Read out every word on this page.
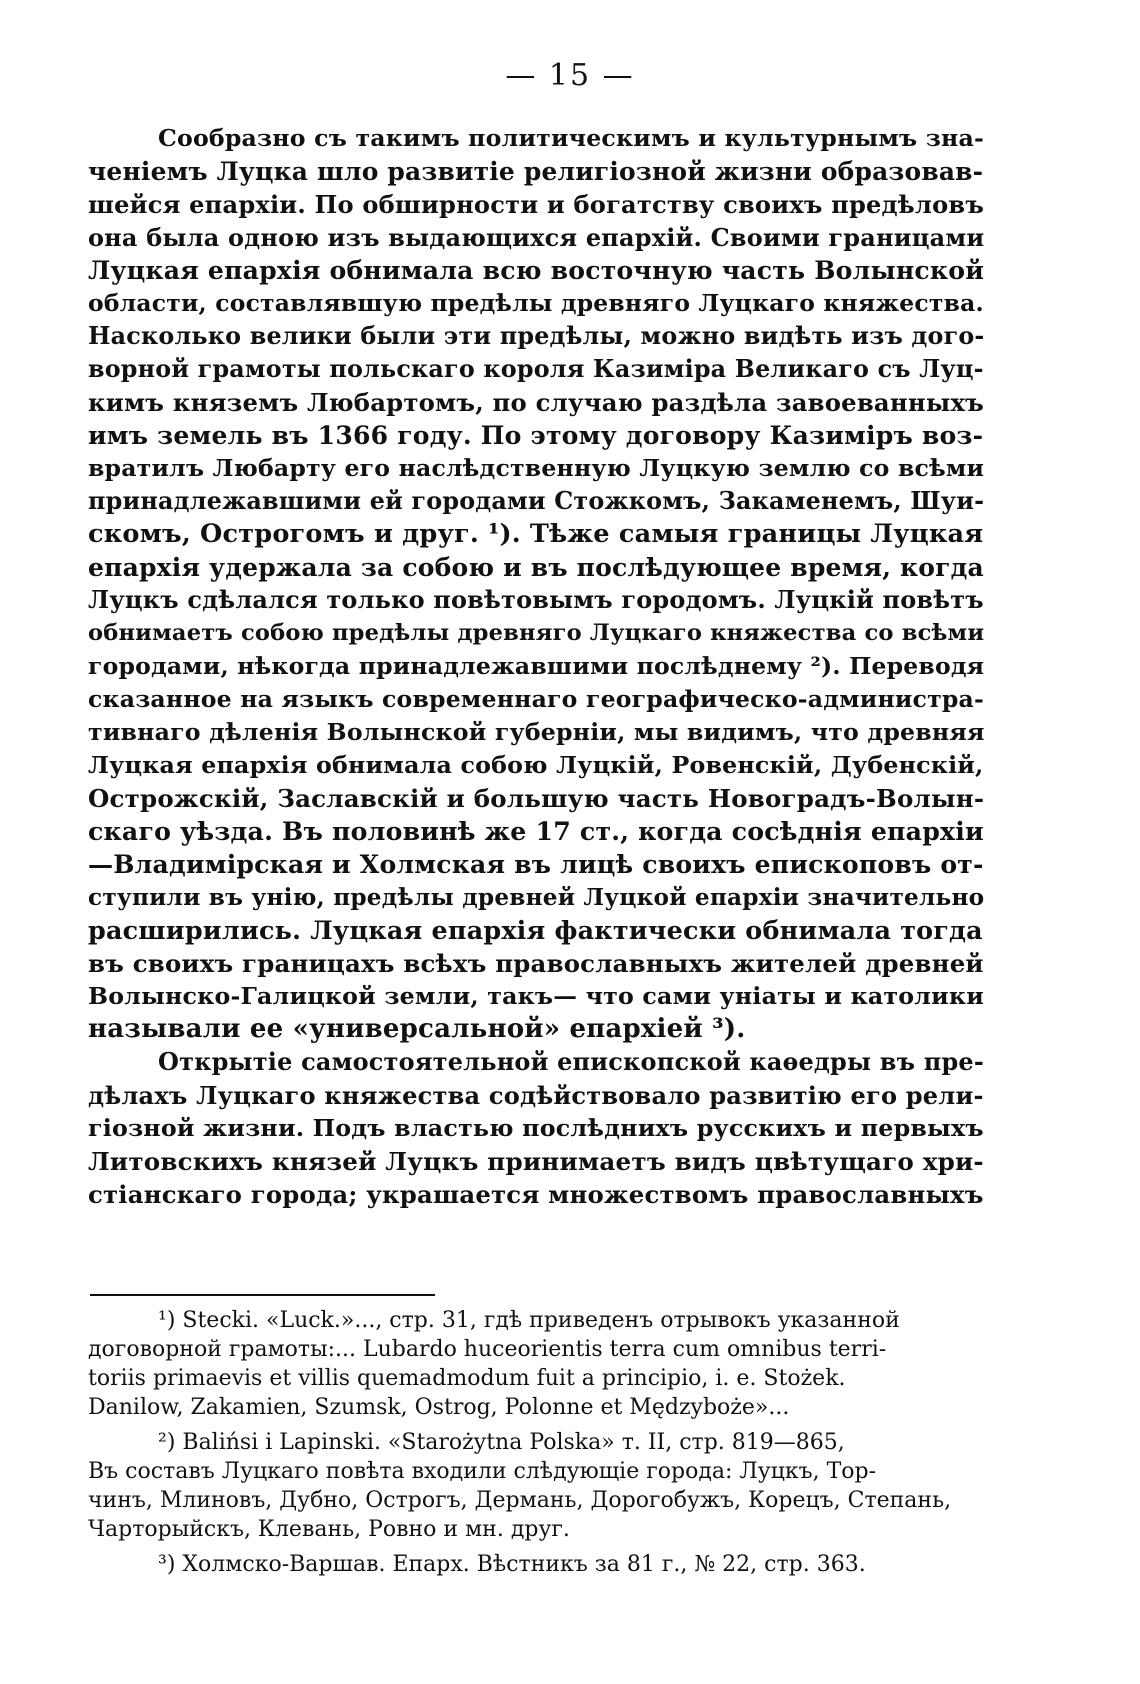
— 15 —
Сообразно съ такимъ политическимъ и культурнымъ зна-
ченіемъ Луцка шло развитіе религіозной жизни образовав-
шейся епархіи. По обширности и богатству своихъ предѣловъ
она была одною изъ выдающихся епархій. Своими границами
Луцкая епархія обнимала всю восточную часть Волынской
области, составлявшую предѣлы древняго Луцкаго княжества.
Насколько велики были эти предѣлы, можно видѣть изъ дого-
ворной грамоты польскаго короля Казиміра Великаго съ Луц-
кимъ княземъ Любартомъ, по случаю раздѣла завоеванныхъ
имъ земель въ 1366 году. По этому договору Казиміръ воз-
вратилъ Любарту его наслѣдственную Луцкую землю со всѣми
принадлежавшими ей городами Стожкомъ, Закаменемъ, Шуи-
скомъ, Острогомъ и друг. ¹). Тѣже самыя границы Луцкая
епархія удержала за собою и въ послѣдующее время, когда
Луцкъ сдѣлался только повѣтовымъ городомъ. Луцкій повѣтъ
обнимаетъ собою предѣлы древняго Луцкаго княжества со всѣми
городами, нѣкогда принадлежавшими послѣднему ²). Переводя
сказанное на языкъ современнаго географическо-администра-
тивнаго дѣленія Волынской губерніи, мы видимъ, что древняя
Луцкая епархія обнимала собою Луцкій, Ровенскій, Дубенскій,
Острожскій, Заславскій и большую часть Новоградъ-Волын-
скаго уѣзда. Въ половинѣ же 17 ст., когда сосѣднія епархіи
—Владимірская и Холмская въ лицѣ своихъ епископовъ от-
ступили въ унію, предѣлы древней Луцкой епархіи значительно
расширились. Луцкая епархія фактически обнимала тогда
въ своихъ границахъ всѣхъ православныхъ жителей древней
Волынско-Галицкой земли, такъ— что сами уніаты и католики
называли ее «универсальной» епархіей ³).
Открытіе самостоятельной епископской каѳедры въ пре-
дѣлахъ Луцкаго княжества содѣйствовало развитію его рели-
гіозной жизни. Подъ властью послѣднихъ русскихъ и первыхъ
Литовскихъ князей Луцкъ принимаетъ видъ цвѣтущаго хри-
стіанскаго города; украшается множествомъ православныхъ
¹) Stecki. «Luck.»..., стр. 31, гдѣ приведенъ отрывокъ указанной
договорной грамоты:... Lubardo huceorientis terra cum omnibus terri-
toriis primaevis et villis quemadmodum fuit a principio, i. e. Stożek.
Danilow, Zakamien, Szumsk, Ostrog, Polonne et Mędzyboże»...
²) Balińsi i Lapinski. «Starożytna Polska» т. II, стр. 819—865,
Въ составъ Луцкаго повѣта входили слѣдующіе города: Луцкъ, Тор-
чинъ, Млиновъ, Дубно, Острогъ, Дермань, Дорогобужъ, Корецъ, Степань,
Чарторыйскъ, Клевань, Ровно и мн. друг.
³) Холмско-Варшав. Епарх. Вѣстникъ за 81 г., № 22, стр. 363.
